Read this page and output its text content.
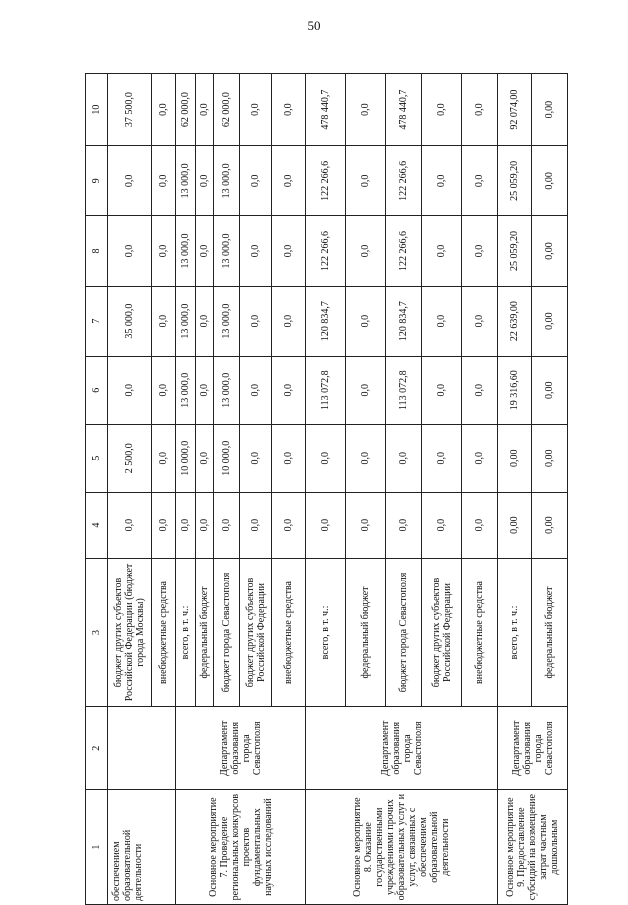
50
1	2	3	4	5	6	7	8	9	10
обеспечением образовательной деятельности		бюджет других субъектов Российской Федерации (бюджет города Москвы)	0,0	2 500,0	0,0	35 000,0	0,0	0,0	37 500,0
		внебюджетные средства	0,0	0,0	0,0	0,0	0,0	0,0	0,0
Основное мероприятие 7. Проведение региональных конкурсов проектов фундаментальных научных исследований	Департамент образования города Севастополя	всего, в т. ч.:	0,0	10 000,0	13 000,0	13 000,0	13 000,0	13 000,0	62 000,0
		федеральный бюджет	0,0	0,0	0,0	0,0	0,0	0,0	0,0
		бюджет города Севастополя	0,0	10 000,0	13 000,0	13 000,0	13 000,0	13 000,0	62 000,0
		бюджет других субъектов Российской Федерации	0,0	0,0	0,0	0,0	0,0	0,0	0,0
		внебюджетные средства	0,0	0,0	0,0	0,0	0,0	0,0	0,0
Основное мероприятие 8. Оказание государственными учреждениями прочих образовательных услуг и услуг, связанных с обеспечением образовательной деятельности	Департамент образования города Севастополя	всего, в т. ч.:	0,0	0,0	113 072,8	120 834,7	122 266,6	122 266,6	478 440,7
		федеральный бюджет	0,0	0,0	0,0	0,0	0,0	0,0	0,0
		бюджет города Севастополя	0,0	0,0	113 072,8	120 834,7	122 266,6	122 266,6	478 440,7
		бюджет других субъектов Российской Федерации	0,0	0,0	0,0	0,0	0,0	0,0	0,0
		внебюджетные средства	0,0	0,0	0,0	0,0	0,0	0,0	0,0
Основное мероприятие 9. Предоставление субсидий на возмещение затрат частным дошкольным	Департамент образования города Севастополя	всего, в т. ч.:	0,00	0,00	19 316,60	22 639,00	25 059,20	25 059,20	92 074,00
		федеральный бюджет	0,00	0,00	0,00	0,00	0,00	0,00	0,00
